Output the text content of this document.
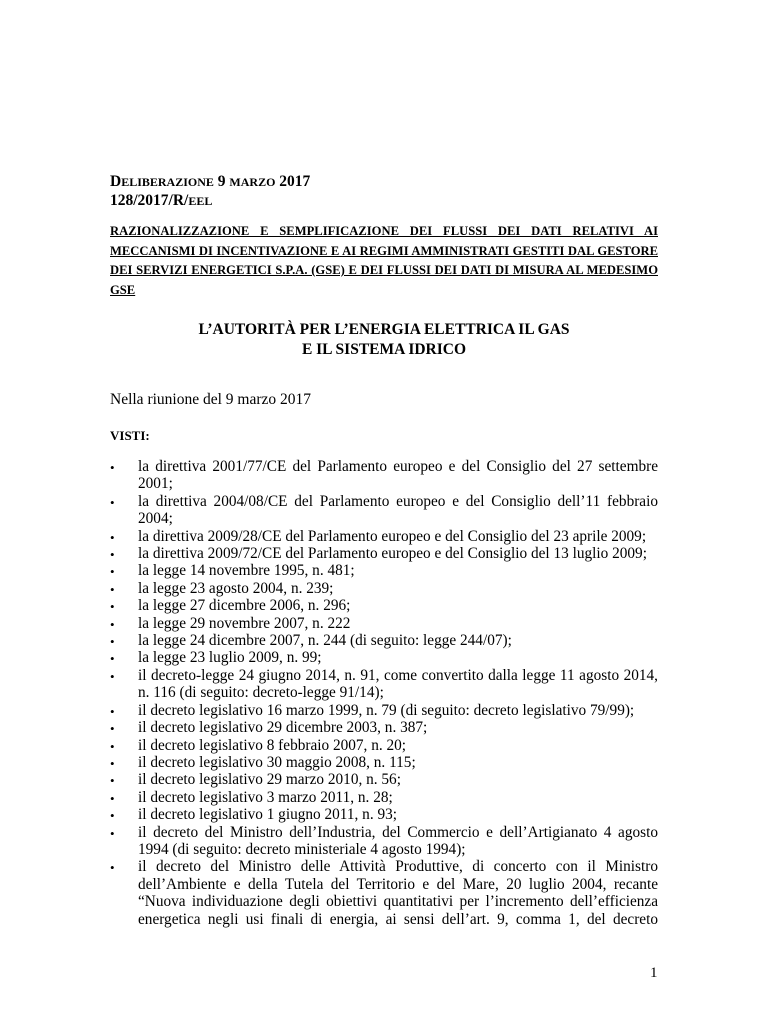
DELIBERAZIONE 9 MARZO 2017
128/2017/R/EEL
RAZIONALIZZAZIONE E SEMPLIFICAZIONE DEI FLUSSI DEI DATI RELATIVI AI MECCANISMI DI INCENTIVAZIONE E AI REGIMI AMMINISTRATI GESTITI DAL GESTORE DEI SERVIZI ENERGETICI S.P.A. (GSE) E DEI FLUSSI DEI DATI DI MISURA AL MEDESIMO GSE
L’AUTORITÀ PER L’ENERGIA ELETTRICA IL GAS
E IL SISTEMA IDRICO
Nella riunione del 9 marzo 2017
VISTI:
• la direttiva 2001/77/CE del Parlamento europeo e del Consiglio del 27 settembre 2001;
• la direttiva 2004/08/CE del Parlamento europeo e del Consiglio dell’11 febbraio 2004;
• la direttiva 2009/28/CE del Parlamento europeo e del Consiglio del 23 aprile 2009;
• la direttiva 2009/72/CE del Parlamento europeo e del Consiglio del 13 luglio 2009;
• la legge 14 novembre 1995, n. 481;
• la legge 23 agosto 2004, n. 239;
• la legge 27 dicembre 2006, n. 296;
• la legge 29 novembre 2007, n. 222
• la legge 24 dicembre 2007, n. 244 (di seguito: legge 244/07);
• la legge 23 luglio 2009, n. 99;
• il decreto-legge 24 giugno 2014, n. 91, come convertito dalla legge 11 agosto 2014, n. 116 (di seguito: decreto-legge 91/14);
• il decreto legislativo 16 marzo 1999, n. 79 (di seguito: decreto legislativo 79/99);
• il decreto legislativo 29 dicembre 2003, n. 387;
• il decreto legislativo 8 febbraio 2007, n. 20;
• il decreto legislativo 30 maggio 2008, n. 115;
• il decreto legislativo 29 marzo 2010, n. 56;
• il decreto legislativo 3 marzo 2011, n. 28;
• il decreto legislativo 1 giugno 2011, n. 93;
• il decreto del Ministro dell’Industria, del Commercio e dell’Artigianato 4 agosto 1994 (di seguito: decreto ministeriale 4 agosto 1994);
• il decreto del Ministro delle Attività Produttive, di concerto con il Ministro dell’Ambiente e della Tutela del Territorio e del Mare, 20 luglio 2004, recante “Nuova individuazione degli obiettivi quantitativi per l’incremento dell’efficienza energetica negli usi finali di energia, ai sensi dell’art. 9, comma 1, del decreto
1
